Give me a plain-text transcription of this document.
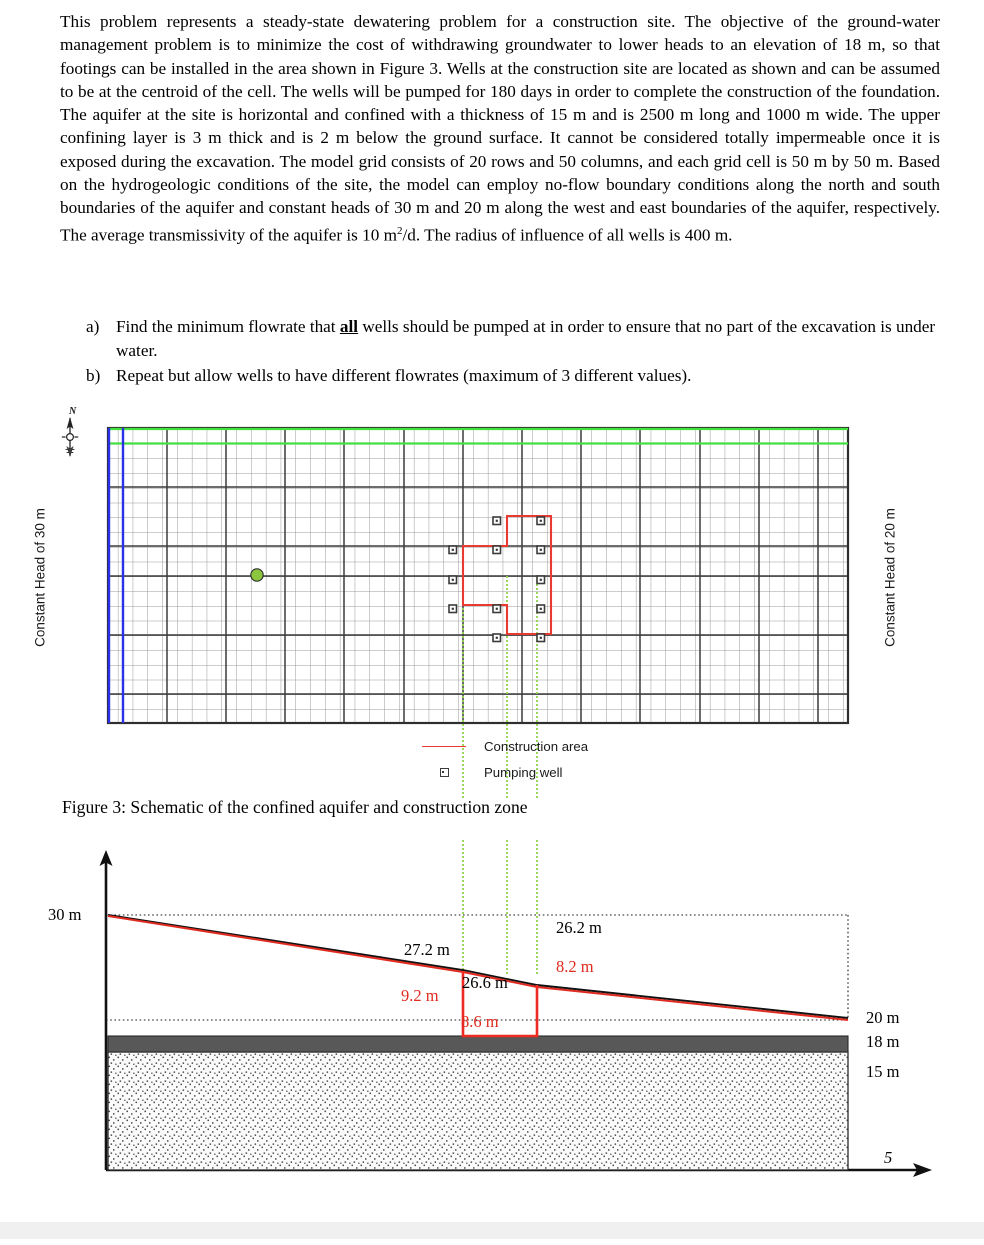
This problem represents a steady-state dewatering problem for a construction site. The objective of the ground-water management problem is to minimize the cost of withdrawing groundwater to lower heads to an elevation of 18 m, so that footings can be installed in the area shown in Figure 3. Wells at the construction site are located as shown and can be assumed to be at the centroid of the cell. The wells will be pumped for 180 days in order to complete the construction of the foundation. The aquifer at the site is horizontal and confined with a thickness of 15 m and is 2500 m long and 1000 m wide. The upper confining layer is 3 m thick and is 2 m below the ground surface. It cannot be considered totally impermeable once it is exposed during the excavation. The model grid consists of 20 rows and 50 columns, and each grid cell is 50 m by 50 m. Based on the hydrogeologic conditions of the site, the model can employ no-flow boundary conditions along the north and south boundaries of the aquifer and constant heads of 30 m and 20 m along the west and east boundaries of the aquifer, respectively. The average transmissivity of the aquifer is 10 $m^2/d$. The radius of influence of all wells is 400 m.

a) Find the minimum flowrate that all wells should be pumped at in order to ensure that no part of the excavation is under water.
b) Repeat but allow wells to have different flowrates (maximum of 3 different values).
N
Constant Head of 30 m	Constant Head of 20 m
Construction area
Pumping well
Figure 3: Schematic of the confined aquifer and construction zone
30 m
27.2 m
26.2 m
26.6 m
9.2 m
8.2 m
8.6 m	20 m
18 m
15 m
5
